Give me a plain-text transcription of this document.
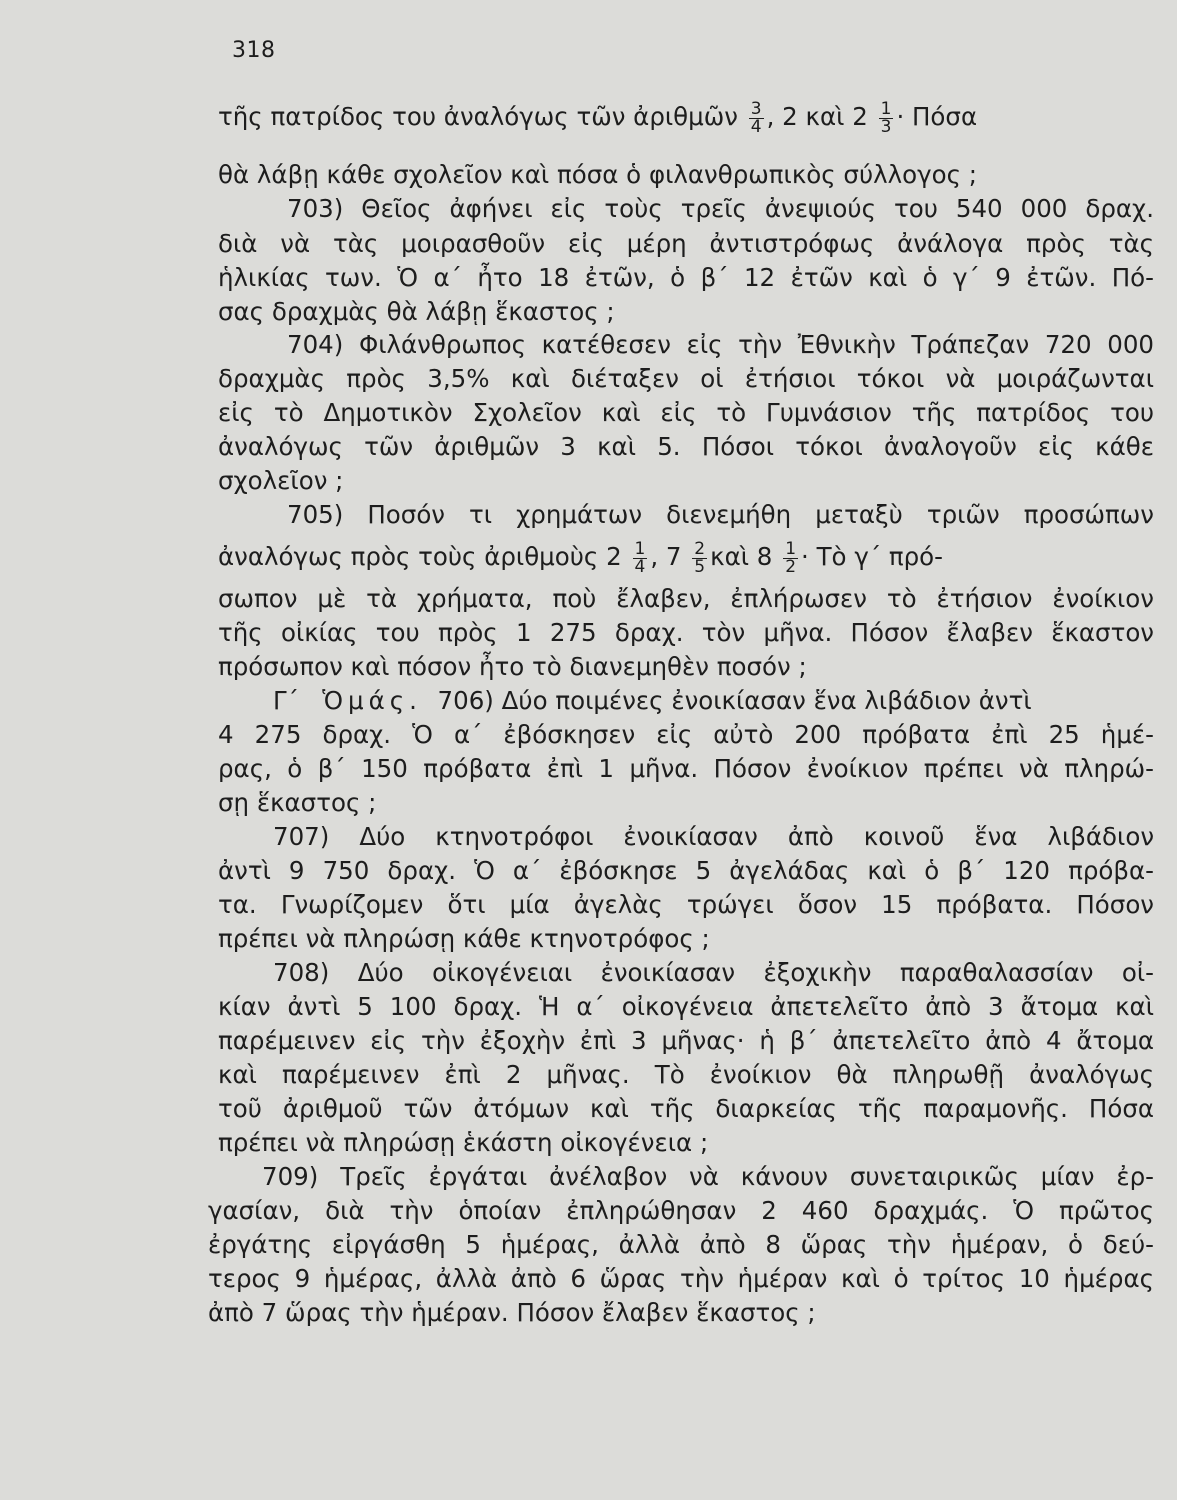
318
τῆς πατρίδος του ἀναλόγως τῶν ἀριθμῶν $\frac{3}{4}$ , 2 καὶ $2 \frac{1}{3} \cdot \Pi ό\sigma\alpha$
θὰ λάβῃ κάθε σχολεῖον καὶ πόσα ὁ φιλανθρωπικὸς σύλλογος ;
703) Θεῖος ἀφήνει εἰς τοὺς τρεῖς ἀνεψιούς του 540 000 δραχ.
διὰ νὰ τὰς μοιρασθοῦν εἰς μέρη ἀντιστρόφως ἀνάλογα πρὸς τὰς
ἡλικίας των. Ὁ α΄ ἦτο 18 ἐτῶν, ὁ β΄ 12 ἐτῶν καὶ ὁ γ΄ 9 ἐτῶν. Πό-
σας δραχμὰς θὰ λάβῃ ἕκαστος ;
704) Φιλάνθρωπος κατέθεσεν εἰς τὴν Ἐθνικὴν Τράπεζαν 720 000
δραχμὰς πρὸς 3,5% καὶ διέταξεν οἱ ἐτήσιοι τόκοι νὰ μοιράζωνται
εἰς τὸ Δημοτικὸν Σχολεῖον καὶ εἰς τὸ Γυμνάσιον τῆς πατρίδος του
ἀναλόγως τῶν ἀριθμῶν 3 καὶ 5. Πόσοι τόκοι ἀναλογοῦν εἰς κάθε
σχολεῖον ;
705) Ποσόν τι χρημάτων διενεμήθη μεταξὺ τριῶν προσώπων
ἀναλόγως πρὸς τοὺς ἀριθμοὺς $2 \frac{1}{4}$ , $7 \frac{2}{5}$ καὶ $8 \frac{1}{2}$ · Τὸ γ΄ πρό-
σωπον μὲ τὰ χρήματα, ποὺ ἔλαβεν, ἐπλήρωσεν τὸ ἐτήσιον ἐνοίκιον
τῆς οἰκίας του πρὸς 1 275 δραχ. τὸν μῆνα. Πόσον ἔλαβεν ἕκαστον
πρόσωπον καὶ πόσον ἦτο τὸ διανεμηθὲν ποσόν ;
Γ΄ Ὁμάς. 706) Δύο ποιμένες ἐνοικίασαν ἕνα λιβάδιον ἀντὶ
4 275 δραχ. Ὁ α΄ ἐβόσκησεν εἰς αὐτὸ 200 πρόβατα ἐπὶ 25 ἡμέ-
ρας, ὁ β΄ 150 πρόβατα ἐπὶ 1 μῆνα. Πόσον ἐνοίκιον πρέπει νὰ πληρώ-
σῃ ἕκαστος ;
707) Δύο κτηνοτρόφοι ἐνοικίασαν ἀπὸ κοινοῦ ἕνα λιβάδιον
ἀντὶ 9 750 δραχ. Ὁ α΄ ἐβόσκησε 5 ἀγελάδας καὶ ὁ β΄ 120 πρόβα-
τα. Γνωρίζομεν ὅτι μία ἀγελὰς τρώγει ὅσον 15 πρόβατα. Πόσον
πρέπει νὰ πληρώσῃ κάθε κτηνοτρόφος ;
708) Δύο οἰκογένειαι ἐνοικίασαν ἐξοχικὴν παραθαλασσίαν οἰ-
κίαν ἀντὶ 5 100 δραχ. Ἡ α΄ οἰκογένεια ἀπετελεῖτο ἀπὸ 3 ἄτομα καὶ
παρέμεινεν εἰς τὴν ἐξοχὴν ἐπὶ 3 μῆνας· ἡ β΄ ἀπετελεῖτο ἀπὸ 4 ἄτομα
καὶ παρέμεινεν ἐπὶ 2 μῆνας. Τὸ ἐνοίκιον θὰ πληρωθῇ ἀναλόγως
τοῦ ἀριθμοῦ τῶν ἀτόμων καὶ τῆς διαρκείας τῆς παραμονῆς. Πόσα
πρέπει νὰ πληρώσῃ ἑκάστη οἰκογένεια ;
709) Τρεῖς ἐργάται ἀνέλαβον νὰ κάνουν συνεταιρικῶς μίαν ἐρ-
γασίαν, διὰ τὴν ὁποίαν ἐπληρώθησαν 2 460 δραχμάς. Ὁ πρῶτος
ἐργάτης εἰργάσθη 5 ἡμέρας, ἀλλὰ ἀπὸ 8 ὥρας τὴν ἡμέραν, ὁ δεύ-
τερος 9 ἡμέρας, ἀλλὰ ἀπὸ 6 ὥρας τὴν ἡμέραν καὶ ὁ τρίτος 10 ἡμέρας
ἀπὸ 7 ὥρας τὴν ἡμέραν. Πόσον ἔλαβεν ἕκαστος ;
